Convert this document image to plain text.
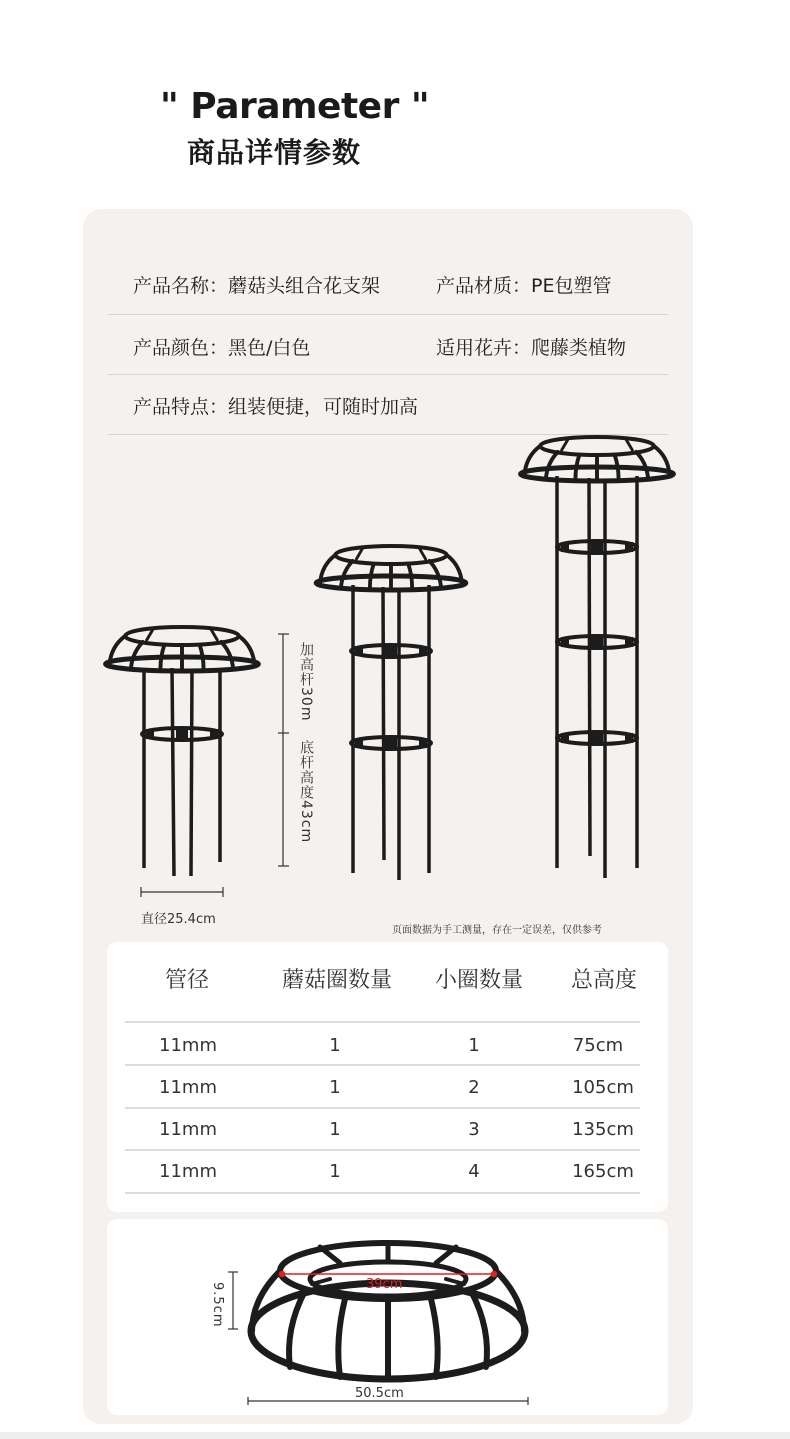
" Parameter "
商品详情参数
产品名称：蘑菇头组合花支架	产品材质：PE包塑管
产品颜色：黑色/白色	适用花卉：爬藤类植物
产品特点：组装便捷，可随时加高
加高杆30m
底杆高度43cm
直径25.4cm
页面数据为手工测量，存在一定误差，仅供参考
管径	蘑菇圈数量 小圈数量 总高度
11mm	1	1	75cm
11mm	1	2	105cm
11mm	1	3	135cm
11mm	1	4	165cm
9.5cm	39cm
50.5cm
